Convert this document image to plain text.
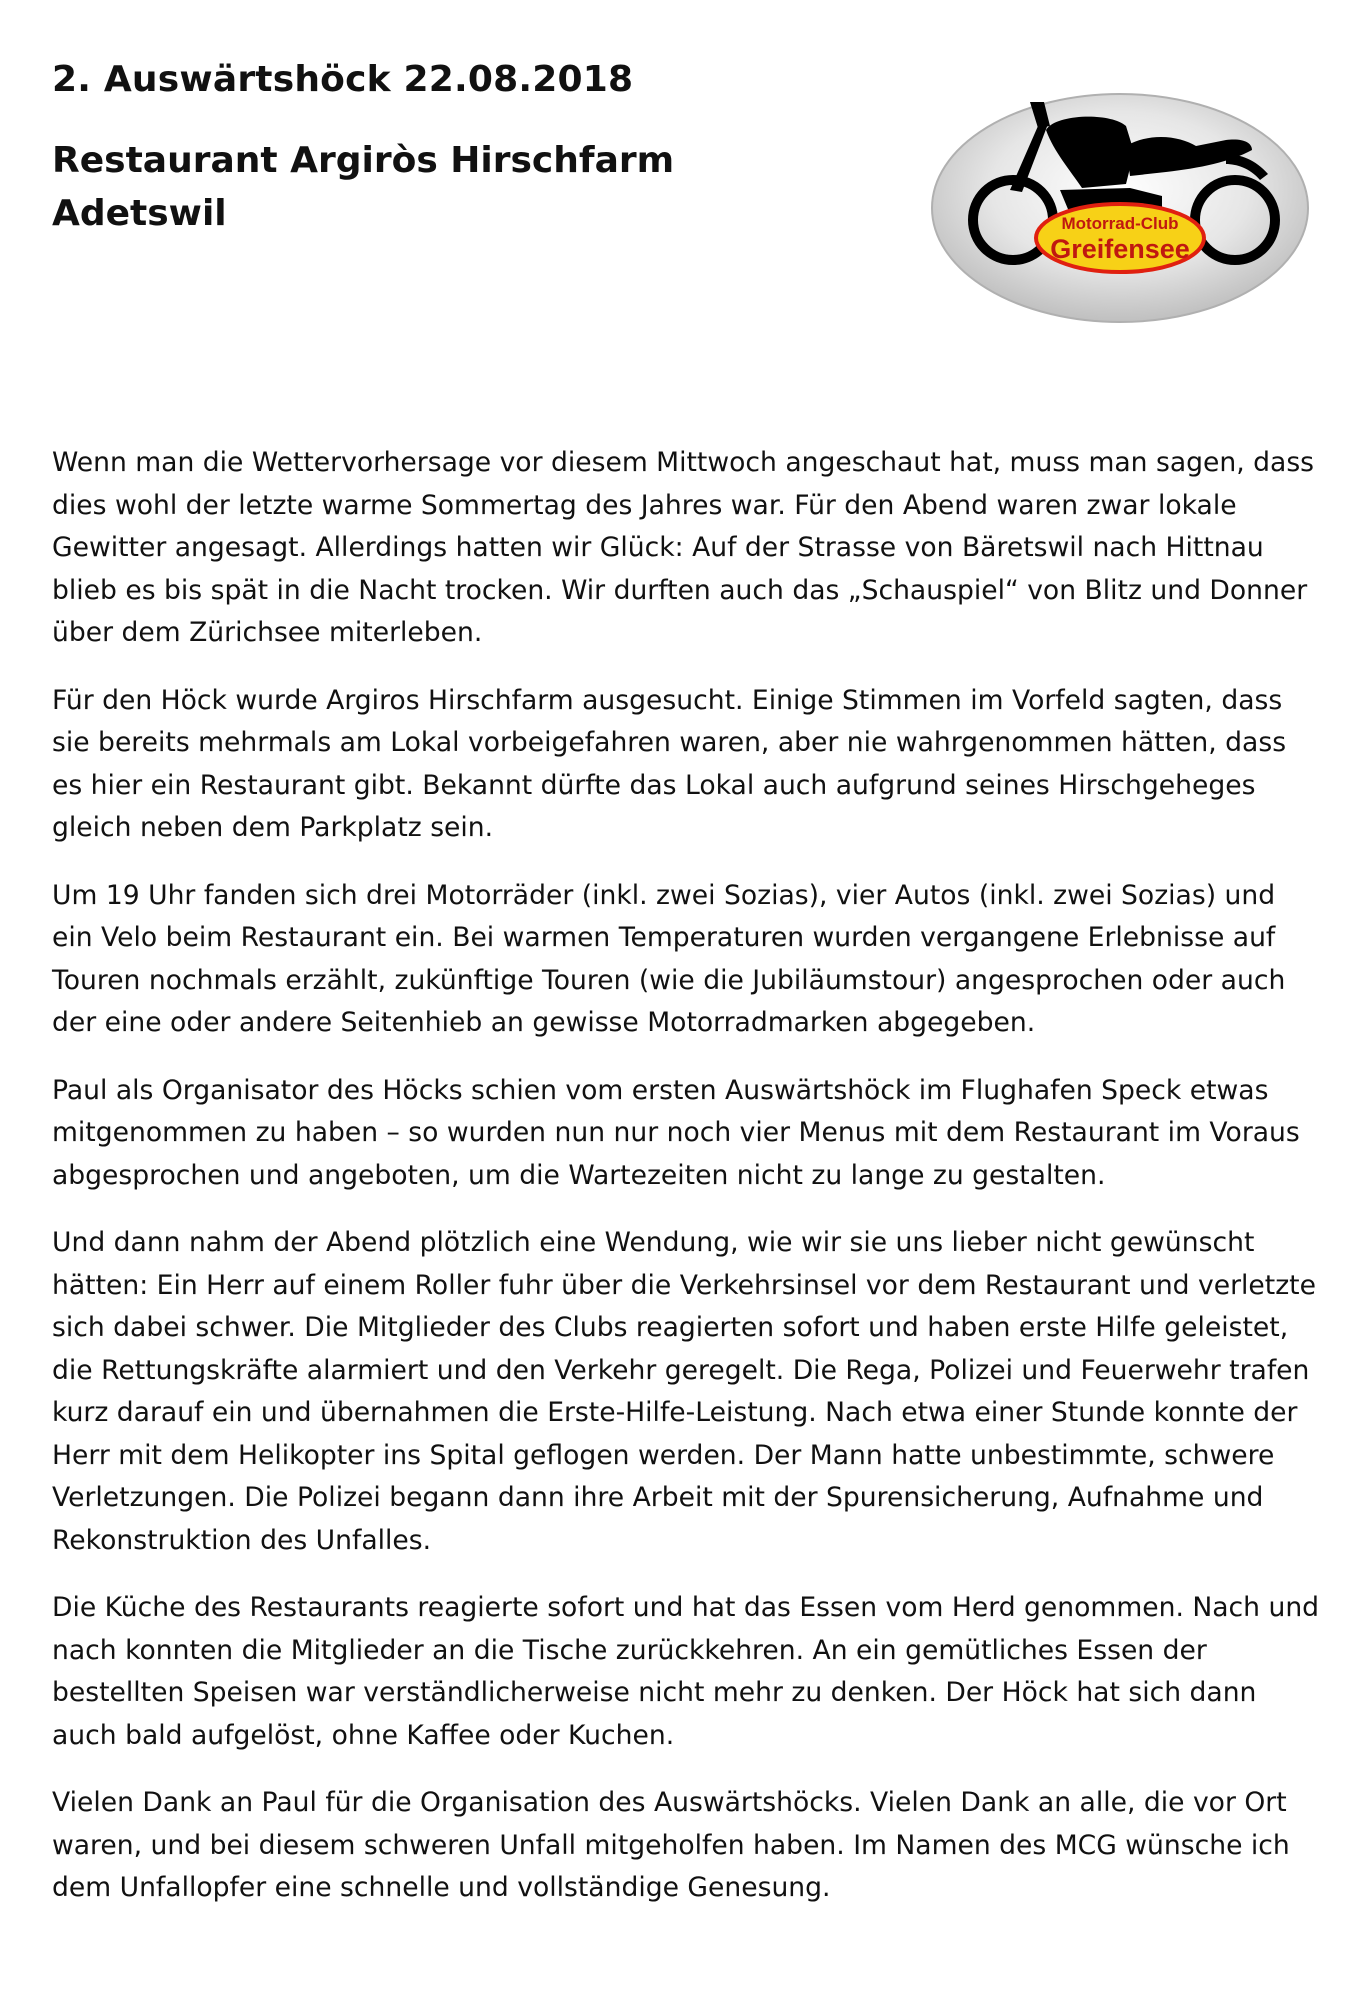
2. Auswärtshöck 22.08.2018
Restaurant Argiròs Hirschfarm
Adetswil	Motorrad-Club
Greifensee

Wenn man die Wettervorhersage vor diesem Mittwoch angeschaut hat, muss man sagen, dass dies wohl der letzte warme Sommertag des Jahres war. Für den Abend waren zwar lokale Gewitter angesagt. Allerdings hatten wir Glück: Auf der Strasse von Bäretswil nach Hittnau blieb es bis spät in die Nacht trocken. Wir durften auch das „Schauspiel“ von Blitz und Donner über dem Zürichsee miterleben.

Für den Höck wurde Argiros Hirschfarm ausgesucht. Einige Stimmen im Vorfeld sagten, dass sie bereits mehrmals am Lokal vorbeigefahren waren, aber nie wahrgenommen hätten, dass es hier ein Restaurant gibt. Bekannt dürfte das Lokal auch aufgrund seines Hirschgeheges gleich neben dem Parkplatz sein.

Um 19 Uhr fanden sich drei Motorräder (inkl. zwei Sozias), vier Autos (inkl. zwei Sozias) und ein Velo beim Restaurant ein. Bei warmen Temperaturen wurden vergangene Erlebnisse auf Touren nochmals erzählt, zukünftige Touren (wie die Jubiläumstour) angesprochen oder auch der eine oder andere Seitenhieb an gewisse Motorradmarken abgegeben.

Paul als Organisator des Höcks schien vom ersten Auswärtshöck im Flughafen Speck etwas mitgenommen zu haben – so wurden nun nur noch vier Menus mit dem Restaurant im Voraus abgesprochen und angeboten, um die Wartezeiten nicht zu lange zu gestalten.

Und dann nahm der Abend plötzlich eine Wendung, wie wir sie uns lieber nicht gewünscht hätten: Ein Herr auf einem Roller fuhr über die Verkehrsinsel vor dem Restaurant und verletzte sich dabei schwer. Die Mitglieder des Clubs reagierten sofort und haben erste Hilfe geleistet, die Rettungskräfte alarmiert und den Verkehr geregelt. Die Rega, Polizei und Feuerwehr trafen kurz darauf ein und übernahmen die Erste-Hilfe-Leistung. Nach etwa einer Stunde konnte der Herr mit dem Helikopter ins Spital geflogen werden. Der Mann hatte unbestimmte, schwere Verletzungen. Die Polizei begann dann ihre Arbeit mit der Spurensicherung, Aufnahme und Rekonstruktion des Unfalles.

Die Küche des Restaurants reagierte sofort und hat das Essen vom Herd genommen. Nach und nach konnten die Mitglieder an die Tische zurückkehren. An ein gemütliches Essen der bestellten Speisen war verständlicherweise nicht mehr zu denken. Der Höck hat sich dann auch bald aufgelöst, ohne Kaffee oder Kuchen.

Vielen Dank an Paul für die Organisation des Auswärtshöcks. Vielen Dank an alle, die vor Ort waren, und bei diesem schweren Unfall mitgeholfen haben. Im Namen des MCG wünsche ich dem Unfallopfer eine schnelle und vollständige Genesung.
